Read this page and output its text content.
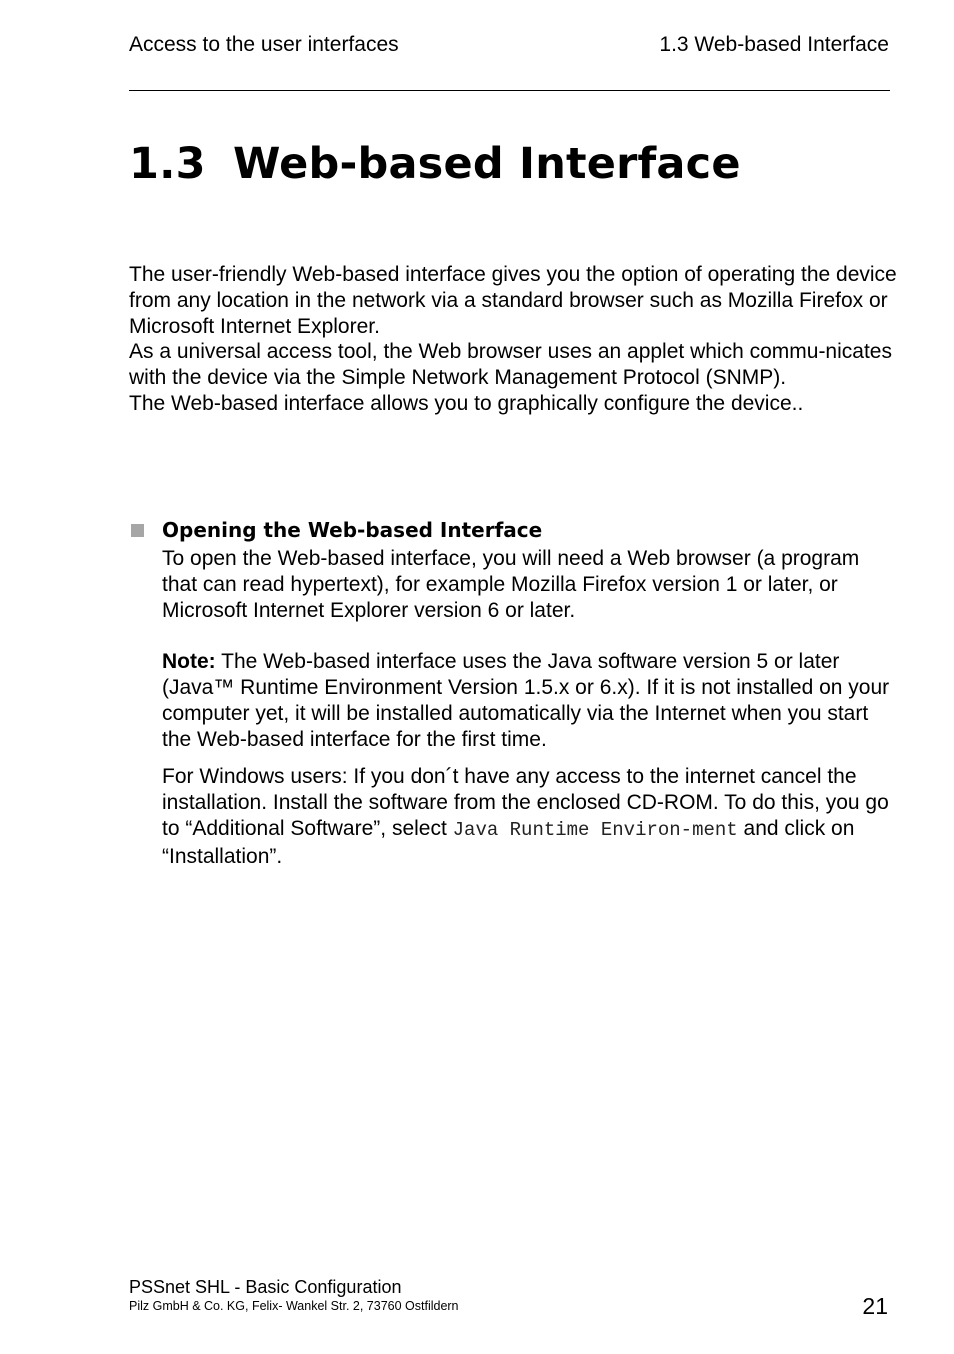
Access to the user interfaces	1.3 Web-based Interface
1.3 Web-based Interface

The user-friendly Web-based interface gives you the option of operating the device from any location in the network via a standard browser such as Mozilla Firefox or Microsoft Internet Explorer.

As a universal access tool, the Web browser uses an applet which commu-nicates with the device via the Simple Network Management Protocol (SNMP).

The Web-based interface allows you to graphically configure the device..

Opening the Web-based Interface

To open the Web-based interface, you will need a Web browser (a program that can read hypertext), for example Mozilla Firefox version 1 or later, or Microsoft Internet Explorer version 6 or later.

Note: The Web-based interface uses the Java software version 5 or later (Java™ Runtime Environment Version 1.5.x or 6.x). If it is not installed on your computer yet, it will be installed automatically via the Internet when you start the Web-based interface for the first time.

For Windows users: If you don´t have any access to the internet cancel the installation. Install the software from the enclosed CD-ROM. To do this, you go to “Additional Software”, select Java Runtime Environ-ment and click on “Installation”.

PSSnet SHL - Basic Configuration
Pilz GmbH & Co. KG, Felix- Wankel Str. 2, 73760 Ostfildern	21
